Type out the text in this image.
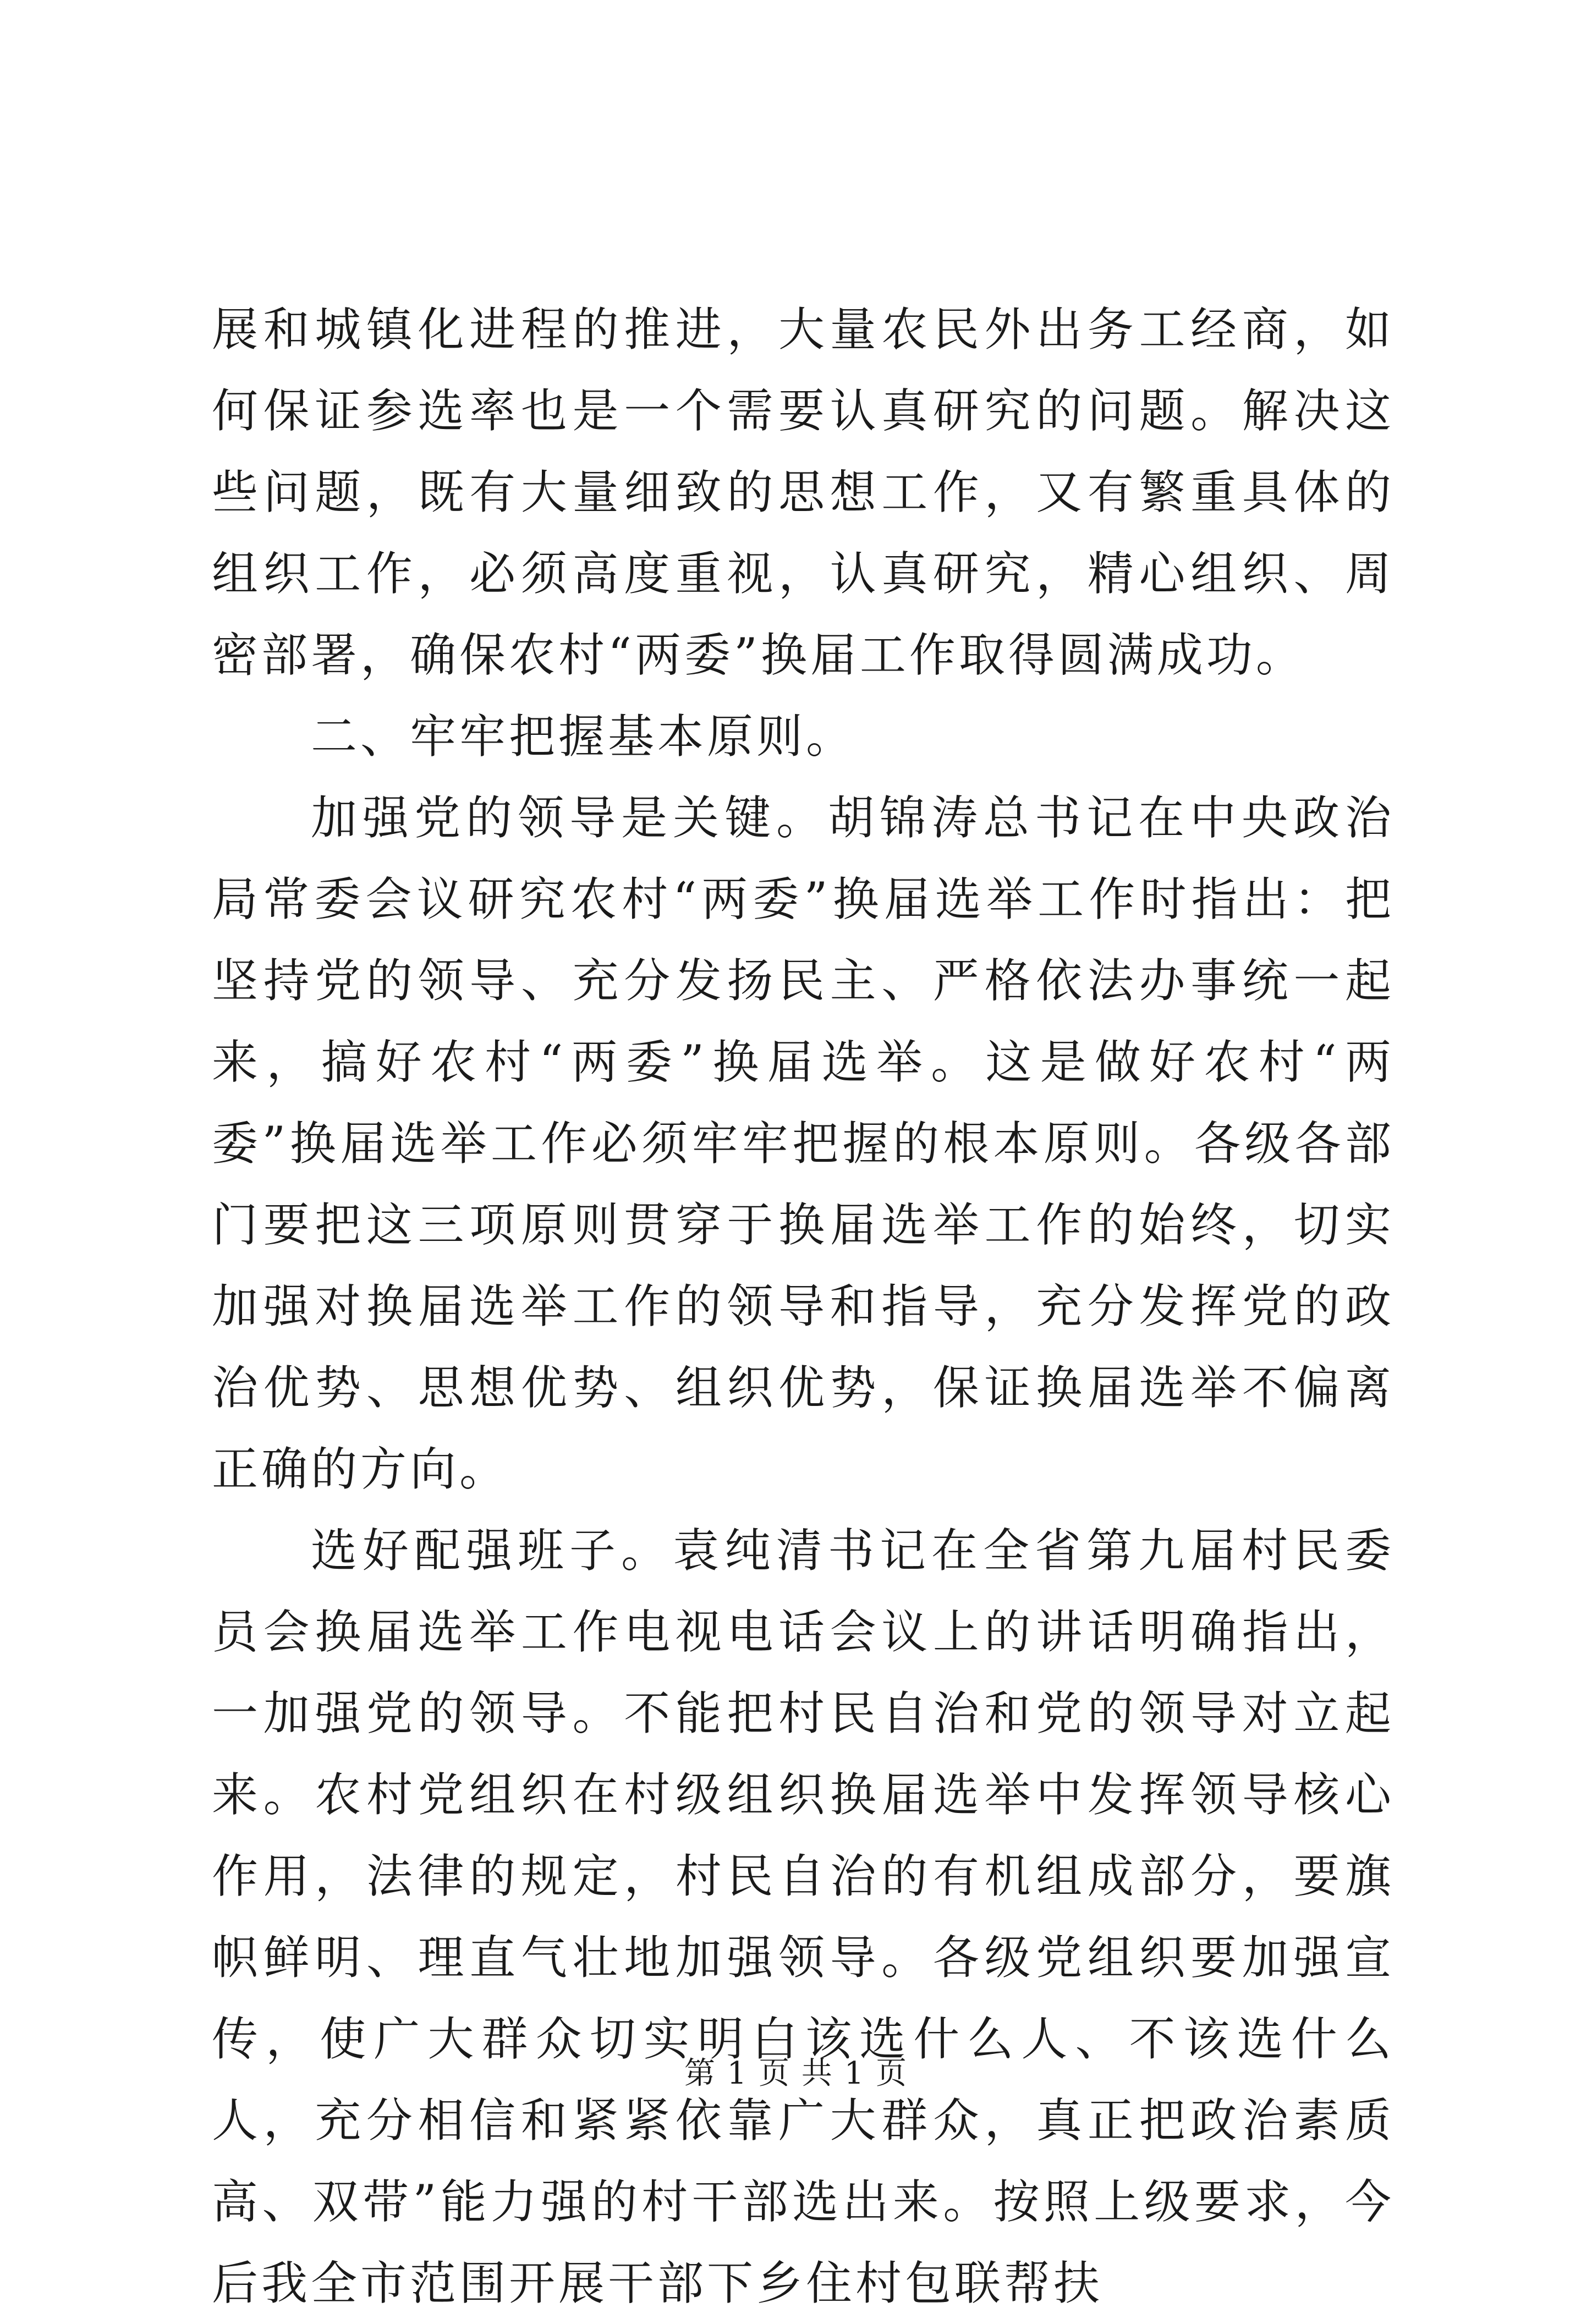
展和城镇化进程的推进，大量农民外出务工经商，如何保证参选率也是一个需要认真研究的问题。解决这些问题，既有大量细致的思想工作，又有繁重具体的组织工作，必须高度重视，认真研究，精心组织、周密部署，确保农村“两委”换届工作取得圆满成功。

二、牢牢把握基本原则。

加强党的领导是关键。胡锦涛总书记在中央政治局常委会议研究农村“两委”换届选举工作时指出：把坚持党的领导、充分发扬民主、严格依法办事统一起来，搞好农村“两委”换届选举。这是做好农村“两委”换届选举工作必须牢牢把握的根本原则。各级各部门要把这三项原则贯穿于换届选举工作的始终，切实加强对换届选举工作的领导和指导，充分发挥党的政治优势、思想优势、组织优势，保证换届选举不偏离正确的方向。

选好配强班子。袁纯清书记在全省第九届村民委员会换届选举工作电视电话会议上的讲话明确指出，一加强党的领导。不能把村民自治和党的领导对立起来。农村党组织在村级组织换届选举中发挥领导核心作用，法律的规定，村民自治的有机组成部分，要旗帜鲜明、理直气壮地加强领导。各级党组织要加强宣传，使广大群众切实明白该选什么人、不该选什么人，充分相信和紧紧依靠广大群众，真正把政治素质高、双带”能力强的村干部选出来。按照上级要求，今后我全市范围开展干部下乡住村包联帮扶

第 1 页 共 1 页
